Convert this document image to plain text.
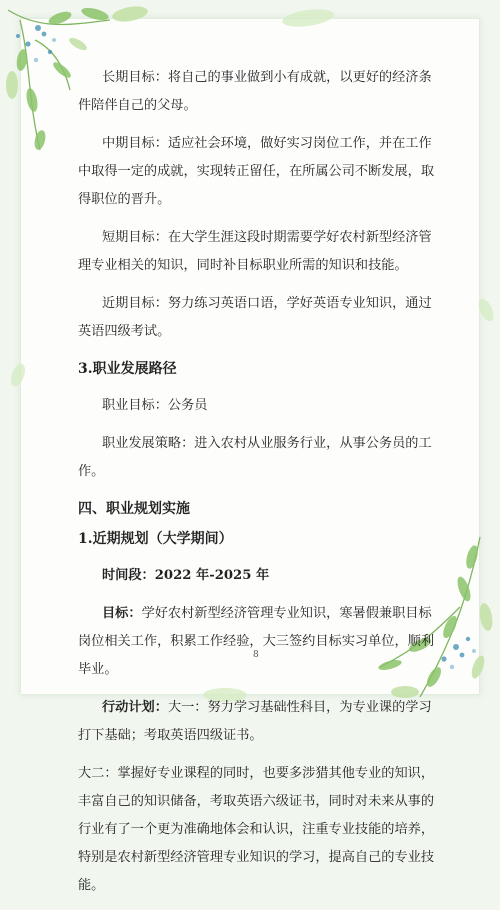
长期目标：将自己的事业做到小有成就，以更好的经济条件陪伴自己的父母。

中期目标：适应社会环境，做好实习岗位工作，并在工作中取得一定的成就，实现转正留任，在所属公司不断发展，取得职位的晋升。

短期目标：在大学生涯这段时期需要学好农村新型经济管理专业相关的知识，同时补目标职业所需的知识和技能。

近期目标：努力练习英语口语，学好英语专业知识，通过英语四级考试。

3.职业发展路径

职业目标：公务员

职业发展策略：进入农村从业服务行业，从事公务员的工作。

四、职业规划实施
1.近期规划（大学期间）

时间段：2022 年-2025 年

目标：学好农村新型经济管理专业知识，寒暑假兼职目标岗位相关工作，积累工作经验，大三签约目标实习单位，顺利毕业。

行动计划：大一：努力学习基础性科目，为专业课的学习打下基础；考取英语四级证书。

大二：掌握好专业课程的同时，也要多涉猎其他专业的知识，丰富自己的知识储备，考取英语六级证书，同时对未来从事的行业有了一个更为准确地体会和认识，注重专业技能的培养，特别是农村新型经济管理专业知识的学习，提高自己的专业技能。

8
